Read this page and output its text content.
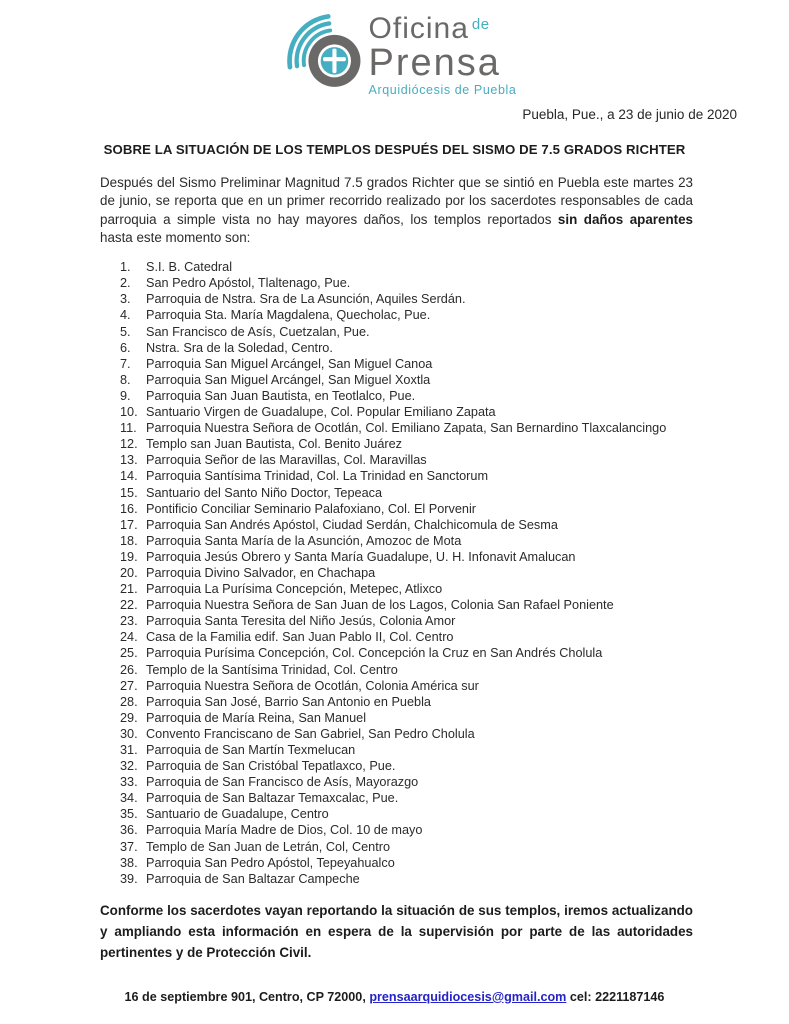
Oficina $^{de}$
Prensa
Arquidiócesis de Puebla
Puebla, Pue., a 23 de junio de 2020
SOBRE LA SITUACIÓN DE LOS TEMPLOS DESPUÉS DEL SISMO DE 7.5 GRADOS RICHTER

Después del Sismo Preliminar Magnitud 7.5 grados Richter que se sintió en Puebla este martes 23 de junio, se reporta que en un primer recorrido realizado por los sacerdotes responsables de cada parroquia a simple vista no hay mayores daños, los templos reportados sin daños aparentes hasta este momento son:

1.	S.I. B. Catedral
2.	San Pedro Apóstol, Tlaltenago, Pue.
3.	Parroquia de Nstra. Sra de La Asunción, Aquiles Serdán.
4.	Parroquia Sta. María Magdalena, Quecholac, Pue.
5.	San Francisco de Asís, Cuetzalan, Pue.
6.	Nstra. Sra de la Soledad, Centro.
7.	Parroquia San Miguel Arcángel, San Miguel Canoa
8.	Parroquia San Miguel Arcángel, San Miguel Xoxtla
9.	Parroquia San Juan Bautista, en Teotlalco, Pue.
10. Santuario Virgen de Guadalupe, Col. Popular Emiliano Zapata
11. Parroquia Nuestra Señora de Ocotlán, Col. Emiliano Zapata, San Bernardino Tlaxcalancingo
12. Templo san Juan Bautista, Col. Benito Juárez
13. Parroquia Señor de las Maravillas, Col. Maravillas
14. Parroquia Santísima Trinidad, Col. La Trinidad en Sanctorum
15. Santuario del Santo Niño Doctor, Tepeaca
16. Pontificio Conciliar Seminario Palafoxiano, Col. El Porvenir
17. Parroquia San Andrés Apóstol, Ciudad Serdán, Chalchicomula de Sesma
18. Parroquia Santa María de la Asunción, Amozoc de Mota
19. Parroquia Jesús Obrero y Santa María Guadalupe, U. H. Infonavit Amalucan
20. Parroquia Divino Salvador, en Chachapa
21. Parroquia La Purísima Concepción, Metepec, Atlixco
22. Parroquia Nuestra Señora de San Juan de los Lagos, Colonia San Rafael Poniente
23. Parroquia Santa Teresita del Niño Jesús, Colonia Amor
24. Casa de la Familia edif. San Juan Pablo II, Col. Centro
25. Parroquia Purísima Concepción, Col. Concepción la Cruz en San Andrés Cholula
26. Templo de la Santísima Trinidad, Col. Centro
27. Parroquia Nuestra Señora de Ocotlán, Colonia América sur
28. Parroquia San José, Barrio San Antonio en Puebla
29. Parroquia de María Reina, San Manuel
30. Convento Franciscano de San Gabriel, San Pedro Cholula
31. Parroquia de San Martín Texmelucan
32. Parroquia de San Cristóbal Tepatlaxco, Pue.
33. Parroquia de San Francisco de Asís, Mayorazgo
34. Parroquia de San Baltazar Temaxcalac, Pue.
35. Santuario de Guadalupe, Centro
36. Parroquia María Madre de Dios, Col. 10 de mayo
37. Templo de San Juan de Letrán, Col, Centro
38. Parroquia San Pedro Apóstol, Tepeyahualco
39. Parroquia de San Baltazar Campeche

Conforme los sacerdotes vayan reportando la situación de sus templos, iremos actualizando y ampliando esta información en espera de la supervisión por parte de las autoridades pertinentes y de Protección Civil.

16 de septiembre 901, Centro, CP 72000, prensaarquidiocesis@gmail.com cel: 2221187146
